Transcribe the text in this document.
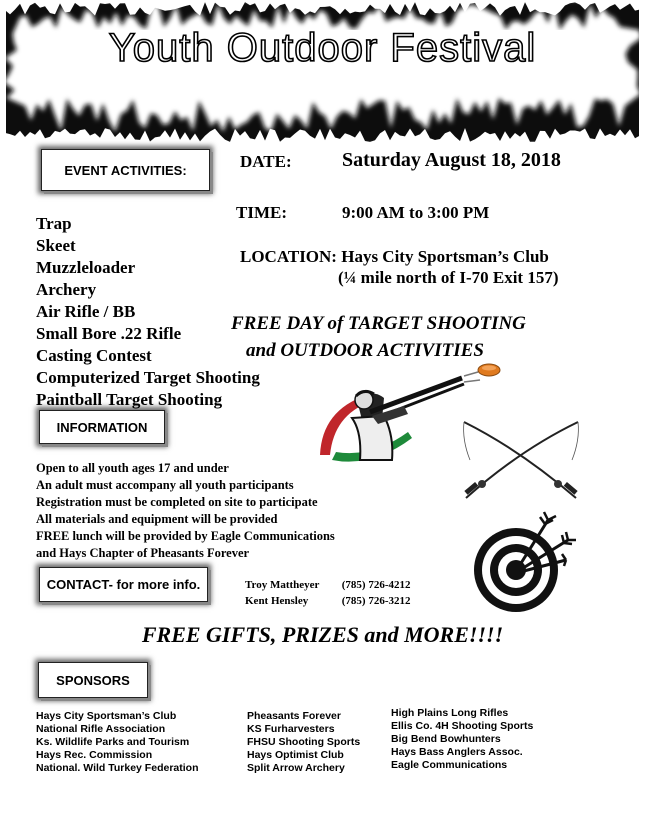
Youth Outdoor Festival
EVENT ACTIVITIES:
INFORMATION
CONTACT- for more info.
SPONSORS
DATE:	Saturday August 18, 2018
TIME:	9:00 AM to 3:00 PM
LOCATION: Hays City Sportsman’s Club
(¼ mile north of I-70 Exit 157)
FREE DAY of TARGET SHOOTING
and OUTDOOR ACTIVITIES
Trap
Skeet
Muzzleloader
Archery
Air Rifle / BB
Small Bore .22 Rifle
Casting Contest
Computerized Target Shooting
Paintball Target Shooting
Open to all youth ages 17 and under
An adult must accompany all youth participants
Registration must be completed on site to participate
All materials and equipment will be provided
FREE lunch will be provided by Eagle Communications
and Hays Chapter of Pheasants Forever
Troy Mattheyer (785) 726-4212
Kent Hensley	(785) 726-3212
FREE GIFTS, PRIZES and MORE!!!!
Hays City Sportsman’s Club
National Rifle Association
Ks. Wildlife Parks and Tourism
Hays Rec. Commission
National. Wild Turkey Federation
Pheasants Forever
KS Furharvesters
FHSU Shooting Sports
Hays Optimist Club
Split Arrow Archery
High Plains Long Rifles
Ellis Co. 4H Shooting Sports
Big Bend Bowhunters
Hays Bass Anglers Assoc.
Eagle Communications
